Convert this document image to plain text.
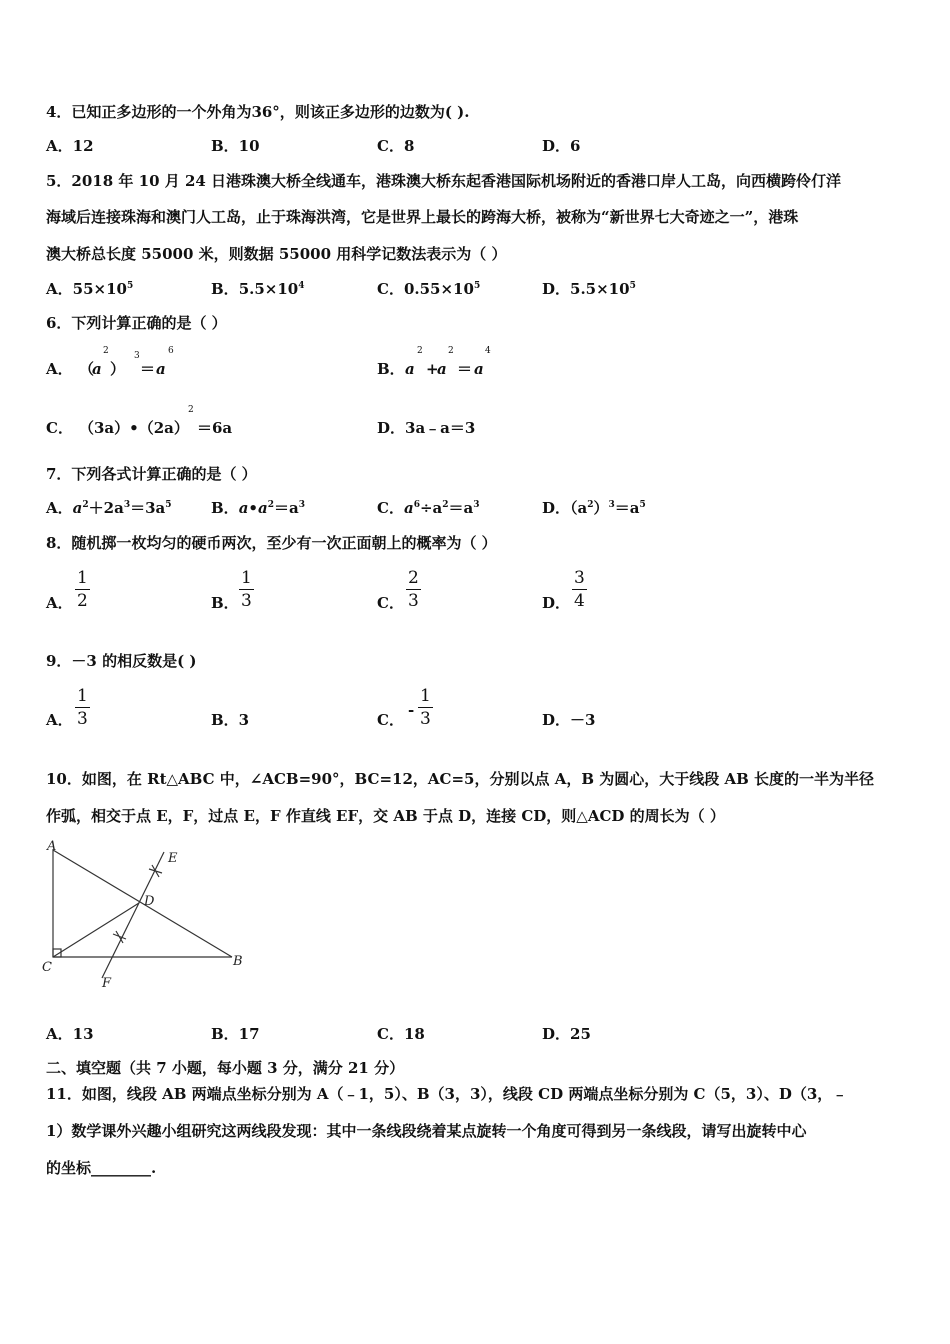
4．已知正多边形的一个外角为36°，则该正多边形的边数为( ).
A．12	B．10	C．8	D．6
5．2018 年 10 月 24 日港珠澳大桥全线通车，港珠澳大桥东起香港国际机场附近的香港口岸人工岛，向西横跨伶仃洋
海域后连接珠海和澳门人工岛，止于珠海洪湾，它是世界上最长的跨海大桥，被称为“新世界七大奇迹之一”，港珠
澳大桥总长度 55000 米，则数据 55000 用科学记数法表示为（ ）
A．$55\times 10^5$	B．$5.5\times 10^4$	C．$0.55\times 10^5$	D．$5.5\times 10^5$
6．下列计算正确的是（ ）
A． （
a ） ＝ a
2	3	6
B． a +
a ＝ a
2	2	4
C． （3a）•（2a）
2
＝6a	D．3a﹣a＝3
7．下列各式计算正确的是（ ）
A．$a^2+2a^3=3a^5$	B．$a•a^2=a^3$	C．$a^6\div a^2=a^3$	D．$(a^2)^3=a^5$
8．随机掷一枚均匀的硬币两次，至少有一次正面朝上的概率为（ ）
A．
1
2	B．
1
3	C．
2
3	D．
3
4
9．－3 的相反数是( )
A．
1
3	B．3	C．
-
1
3	D．－3
10．如图，在 Rt△ABC 中，∠ACB=90°，BC=12，AC=5，分别以点 A，B 为圆心，大于线段 AB 长度的一半为半径
作弧，相交于点 E，F，过点 E，F 作直线 EF，交 AB 于点 D，连接 CD，则△ACD 的周长为（ ）
A
B
C
D
E
F
A．13	B．17	C．18	D．25
二、填空题（共 7 小题，每小题 3 分，满分 21 分）
11．如图，线段 AB 两端点坐标分别为 A（﹣1，5）、B（3，3），线段 CD 两端点坐标分别为 C（5，3）、D（3，﹣
1）数学课外兴趣小组研究这两线段发现：其中一条线段绕着某点旋转一个角度可得到另一条线段，请写出旋转中心
的坐标________.
